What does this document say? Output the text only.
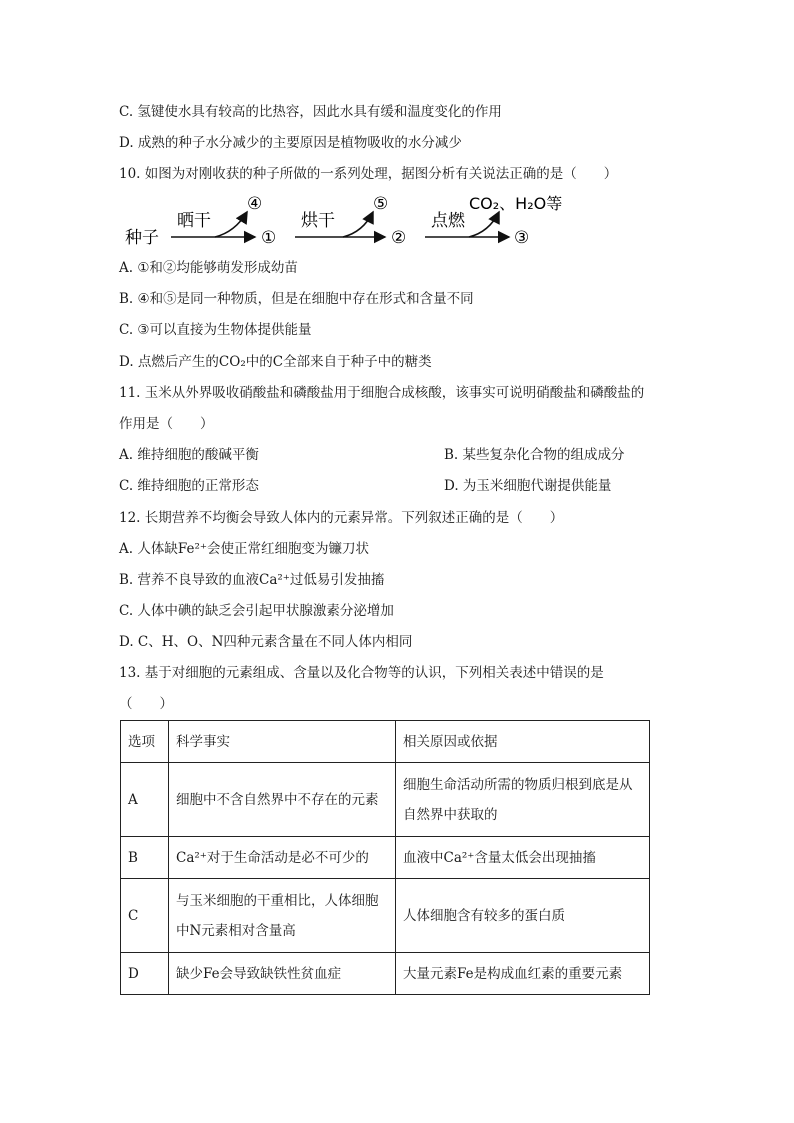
C. 氢键使水具有较高的比热容，因此水具有缓和温度变化的作用
D. 成熟的种子水分减少的主要原因是植物吸收的水分减少
10. 如图为对刚收获的种子所做的一系列处理，据图分析有关说法正确的是（　　）
种子
晒干
④
①
烘干
⑤
②
点燃
CO₂、H₂O等
③
A. ①和②均能够萌发形成幼苗
B. ④和⑤是同一种物质，但是在细胞中存在形式和含量不同
C. ③可以直接为生物体提供能量
D. 点燃后产生的CO₂中的C全部来自于种子中的糖类
11. 玉米从外界吸收硝酸盐和磷酸盐用于细胞合成核酸，该事实可说明硝酸盐和磷酸盐的
作用是（　　）
A. 维持细胞的酸碱平衡	B. 某些复杂化合物的组成成分
C. 维持细胞的正常形态	D. 为玉米细胞代谢提供能量
12. 长期营养不均衡会导致人体内的元素异常。下列叙述正确的是（　　）
A. 人体缺Fe²⁺会使正常红细胞变为镰刀状
B. 营养不良导致的血液Ca²⁺过低易引发抽搐
C. 人体中碘的缺乏会引起甲状腺激素分泌增加
D. C、H、O、N四种元素含量在不同人体内相同
13. 基于对细胞的元素组成、含量以及化合物等的认识，下列相关表述中错误的是
（　　）
选项	科学事实	相关原因或依据
A	细胞中不含自然界中不存在的元素	细胞生命活动所需的物质归根到底是从自然界中获取的
B	Ca²⁺对于生命活动是必不可少的	血液中Ca²⁺含量太低会出现抽搐
C	与玉米细胞的干重相比，人体细胞中N元素相对含量高	人体细胞含有较多的蛋白质
D	缺少Fe会导致缺铁性贫血症	大量元素Fe是构成血红素的重要元素
